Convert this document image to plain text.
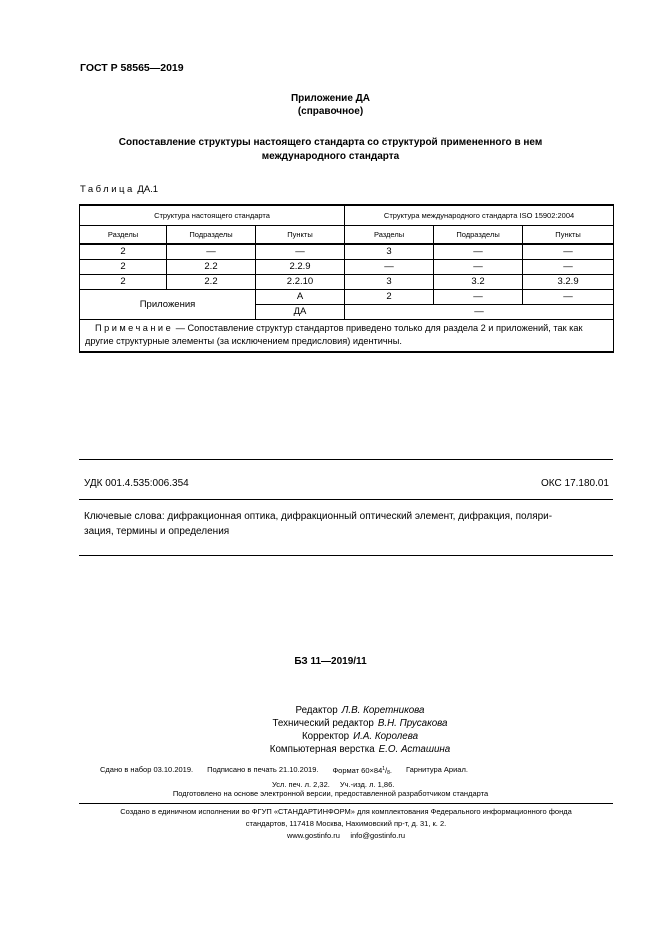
ГОСТ Р 58565—2019
Приложение ДА
(справочное)
Сопоставление структуры настоящего стандарта со структурой примененного в нем
международного стандарта
Таблица ДА.1
Структура настоящего стандарта			Структура международного стандарта ISO 15902:2004		
Разделы	Подразделы	Пункты	Разделы	Подразделы	Пункты
2	—	—	3	—	—
2	2.2	2.2.9	—	—	—
2	2.2	2.2.10	3	3.2	3.2.9
Приложения		А	2	—	—
		ДА	—		
Примечание — Сопоставление структур стандартов приведено только для раздела 2 и приложений, так как другие структурные элементы (за исключением предисловия) идентичны.					
УДК 001.4.535:006.354	ОКС 17.180.01
Ключевые слова: дифракционная оптика, дифракционный оптический элемент, дифракция, поляри-
зация, термины и определения
БЗ 11—2019/11
Редактор Л.В. Коретникова
Технический редактор В.Н. Прусакова
Корректор И.А. Королева
Компьютерная верстка Е.О. Асташина
Сдано в набор 03.10.2019. Подписано в печать 21.10.2019. Формат $60\times 84^1/_8$. Гарнитура Ариал.
Усл. печ. л. 2,32. Уч.-изд. л. 1,86.
Подготовлено на основе электронной версии, предоставленной разработчиком стандарта
Создано в единичном исполнении во ФГУП «СТАНДАРТИНФОРМ» для комплектования Федерального информационного фонда
стандартов, 117418 Москва, Нахимовский пр-т, д. 31, к. 2.
www.gostinfo.ru info@gostinfo.ru
